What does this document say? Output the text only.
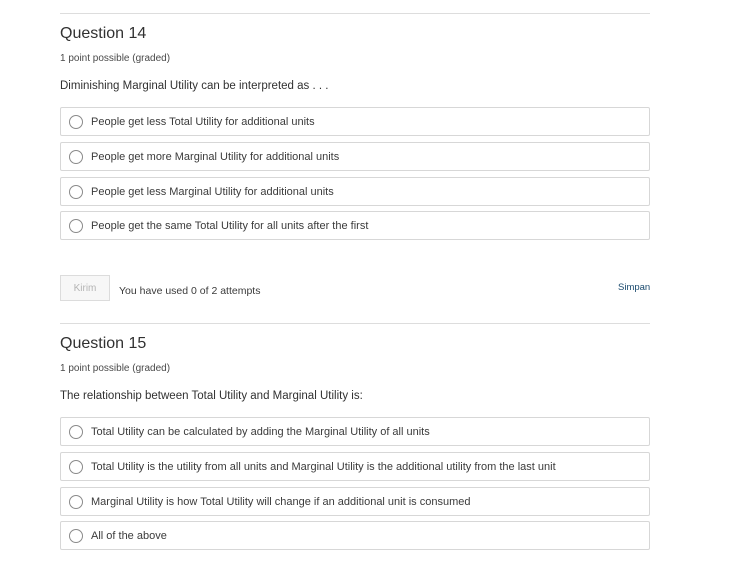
Question 14
1 point possible (graded)
Diminishing Marginal Utility can be interpreted as . . .
People get less Total Utility for additional units
People get more Marginal Utility for additional units
People get less Marginal Utility for additional units
People get the same Total Utility for all units after the first
Kirim	You have used 0 of 2 attempts	Simpan
Question 15
1 point possible (graded)
The relationship between Total Utility and Marginal Utility is:
Total Utility can be calculated by adding the Marginal Utility of all units
Total Utility is the utility from all units and Marginal Utility is the additional utility from the last unit
Marginal Utility is how Total Utility will change if an additional unit is consumed
All of the above
